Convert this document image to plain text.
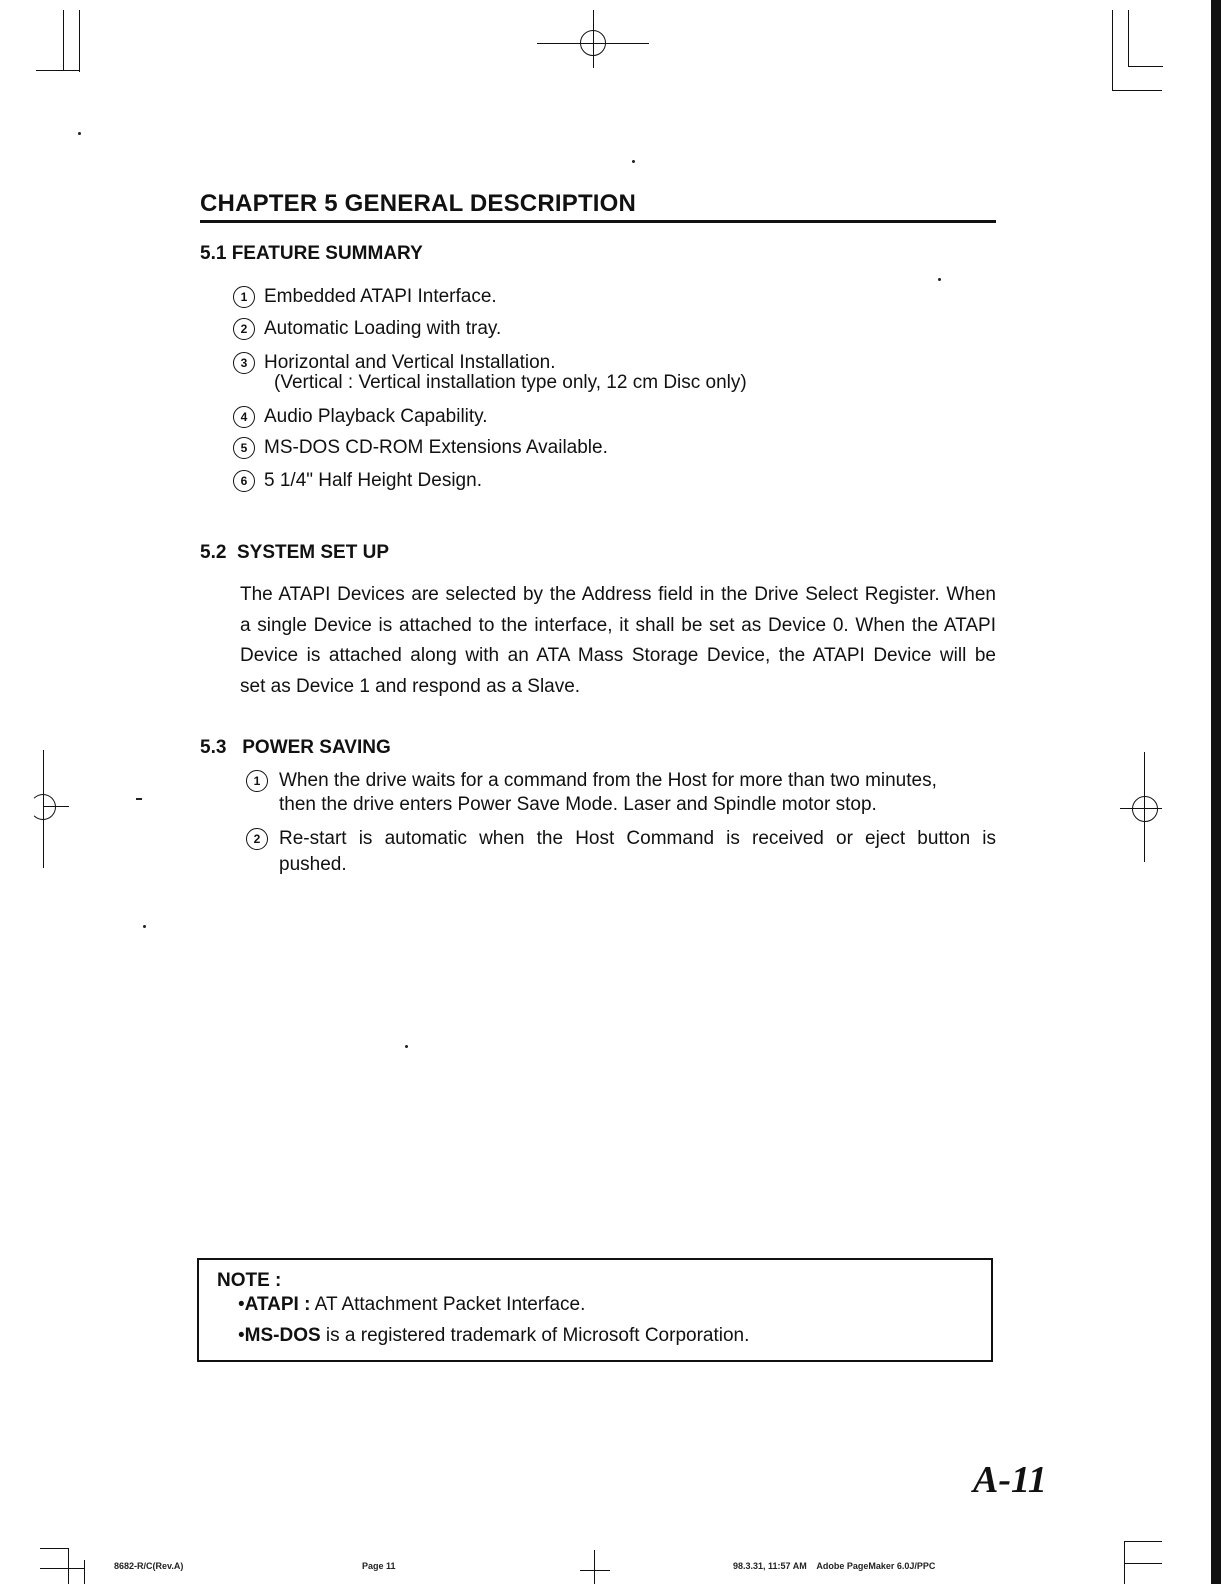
CHAPTER 5 GENERAL DESCRIPTION
5.1 FEATURE SUMMARY
1 Embedded ATAPI Interface.
2 Automatic Loading with tray.
3 Horizontal and Vertical Installation.
(Vertical : Vertical installation type only, 12 cm Disc only)
4 Audio Playback Capability.
5 MS-DOS CD-ROM Extensions Available.
6 5 1/4" Half Height Design.
5.2  SYSTEM SET UP
The ATAPI Devices are selected by the Address field in the Drive Select Register. When
a single Device is attached to the interface, it shall be set as Device 0. When the ATAPI
Device is attached along with an ATA Mass Storage Device, the ATAPI Device will be
set as Device 1 and respond as a Slave.
5.3   POWER SAVING
1 When the drive waits for a command from the Host for more than two minutes,
then the drive enters Power Save Mode. Laser and Spindle motor stop.
2 Re-start is automatic when the Host Command is received or eject button is
pushed.
NOTE :
•ATAPI : AT Attachment Packet Interface.
•MS-DOS is a registered trademark of Microsoft Corporation.
A-11
8682-R/C(Rev.A)	Page 11	98.3.31, 11:57 AM    Adobe PageMaker 6.0J/PPC
